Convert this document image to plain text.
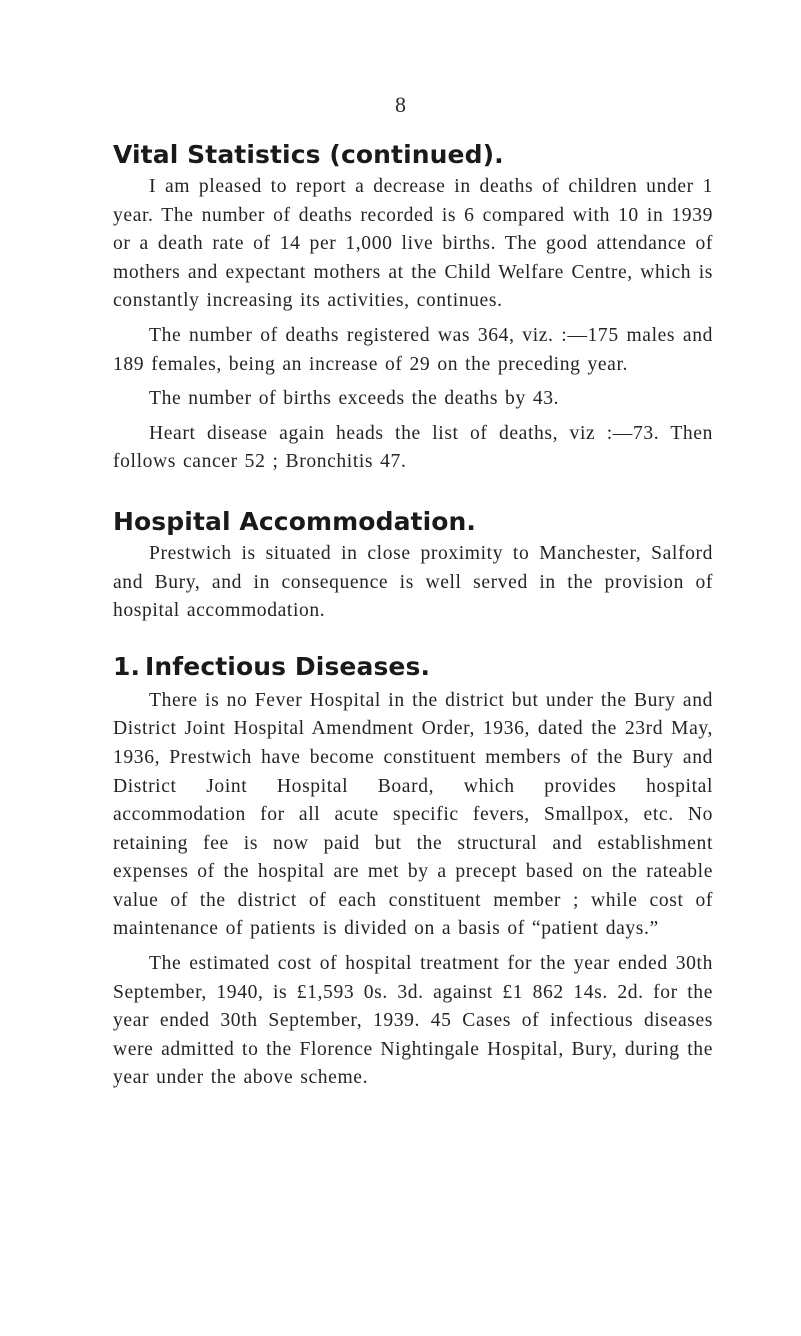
8
Vital Statistics (continued).

I am pleased to report a decrease in deaths of children under 1 year. The number of deaths recorded is 6 compared with 10 in 1939 or a death rate of 14 per 1,000 live births. The good attendance of mothers and expectant mothers at the Child Welfare Centre, which is constantly increasing its activities, continues.

The number of deaths registered was 364, viz. :—175 males and 189 females, being an increase of 29 on the preceding year.

The number of births exceeds the deaths by 43.

Heart disease again heads the list of deaths, viz :—73. Then follows cancer 52 ; Bronchitis 47.

Hospital Accommodation.

Prestwich is situated in close proximity to Manchester, Salford and Bury, and in consequence is well served in the provision of hospital accommodation.

1. Infectious Diseases.

There is no Fever Hospital in the district but under the Bury and District Joint Hospital Amendment Order, 1936, dated the 23rd May, 1936, Prestwich have become constituent members of the Bury and District Joint Hospital Board, which provides hospital accommodation for all acute specific fevers, Smallpox, etc. No retaining fee is now paid but the structural and establishment expenses of the hospital are met by a precept based on the rateable value of the district of each constituent member ; while cost of maintenance of patients is divided on a basis of “patient days.”

The estimated cost of hospital treatment for the year ended 30th September, 1940, is £1,593 0s. 3d. against £1 862 14s. 2d. for the year ended 30th September, 1939. 45 Cases of infectious diseases were admitted to the Florence Nightingale Hospital, Bury, during the year under the above scheme.
